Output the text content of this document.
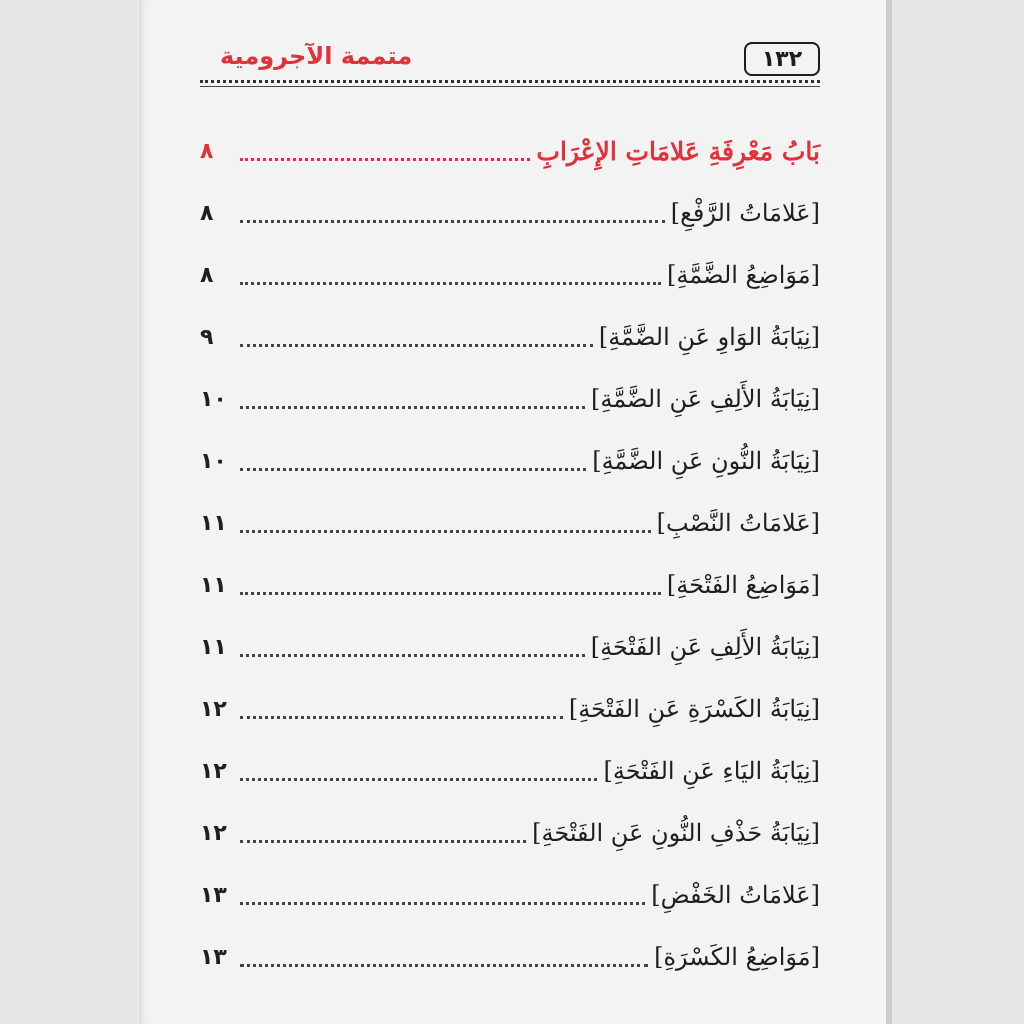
متممة الآجرومية	١٣٢
بَابُ مَعْرِفَةِ عَلامَاتِ الإِعْرَابِ
٨
[عَلامَاتُ الرَّفْعِ]
٨
[مَوَاضِعُ الضَّمَّةِ]
٨
[نِيَابَةُ الوَاوِ عَنِ الضَّمَّةِ]
٩
[نِيَابَةُ الأَلِفِ عَنِ الضَّمَّةِ]
١٠
[نِيَابَةُ النُّونِ عَنِ الضَّمَّةِ]
١٠
[عَلامَاتُ النَّصْبِ]
١١
[مَوَاضِعُ الفَتْحَةِ]
١١
[نِيَابَةُ الأَلِفِ عَنِ الفَتْحَةِ]
١١
[نِيَابَةُ الكَسْرَةِ عَنِ الفَتْحَةِ]
١٢
[نِيَابَةُ اليَاءِ عَنِ الفَتْحَةِ]
١٢
[نِيَابَةُ حَذْفِ النُّونِ عَنِ الفَتْحَةِ]
١٢
[عَلامَاتُ الخَفْضِ]
١٣
[مَوَاضِعُ الكَسْرَةِ]
١٣
